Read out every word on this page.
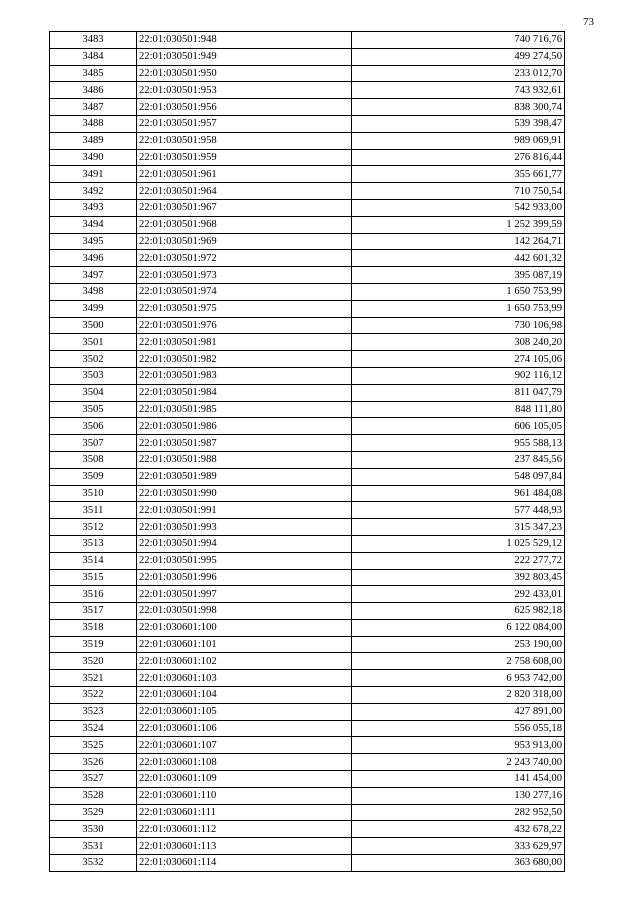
73
3483	22:01:030501:948	740 716,76
3484	22:01:030501:949	499 274,50
3485	22:01:030501:950	233 012,70
3486	22:01:030501:953	743 932,61
3487	22:01:030501:956	838 300,74
3488	22:01:030501:957	539 398,47
3489	22:01:030501:958	989 069,91
3490	22:01:030501:959	276 816,44
3491	22:01:030501:961	355 661,77
3492	22:01:030501:964	710 750,54
3493	22:01:030501:967	542 933,00
3494	22:01:030501:968	1 252 399,59
3495	22:01:030501:969	142 264,71
3496	22:01:030501:972	442 601,32
3497	22:01:030501:973	395 087,19
3498	22:01:030501:974	1 650 753,99
3499	22:01:030501:975	1 650 753,99
3500	22:01:030501:976	730 106,98
3501	22:01:030501:981	308 240,20
3502	22:01:030501:982	274 105,06
3503	22:01:030501:983	902 116,12
3504	22:01:030501:984	811 047,79
3505	22:01:030501:985	848 111,80
3506	22:01:030501:986	606 105,05
3507	22:01:030501:987	955 588,13
3508	22:01:030501:988	237 845,56
3509	22:01:030501:989	548 097,84
3510	22:01:030501:990	961 484,08
3511	22:01:030501:991	577 448,93
3512	22:01:030501:993	315 347,23
3513	22:01:030501:994	1 025 529,12
3514	22:01:030501:995	222 277,72
3515	22:01:030501:996	392 803,45
3516	22:01:030501:997	292 433,01
3517	22:01:030501:998	625 982,18
3518	22:01:030601:100	6 122 084,00
3519	22:01:030601:101	253 190,00
3520	22:01:030601:102	2 758 608,00
3521	22:01:030601:103	6 953 742,00
3522	22:01:030601:104	2 820 318,00
3523	22:01:030601:105	427 891,00
3524	22:01:030601:106	556 055,18
3525	22:01:030601:107	953 913,00
3526	22:01:030601:108	2 243 740,00
3527	22:01:030601:109	141 454,00
3528	22:01:030601:110	130 277,16
3529	22:01:030601:111	282 952,50
3530	22:01:030601:112	432 678,22
3531	22:01:030601:113	333 629,97
3532	22:01:030601:114	363 680,00
